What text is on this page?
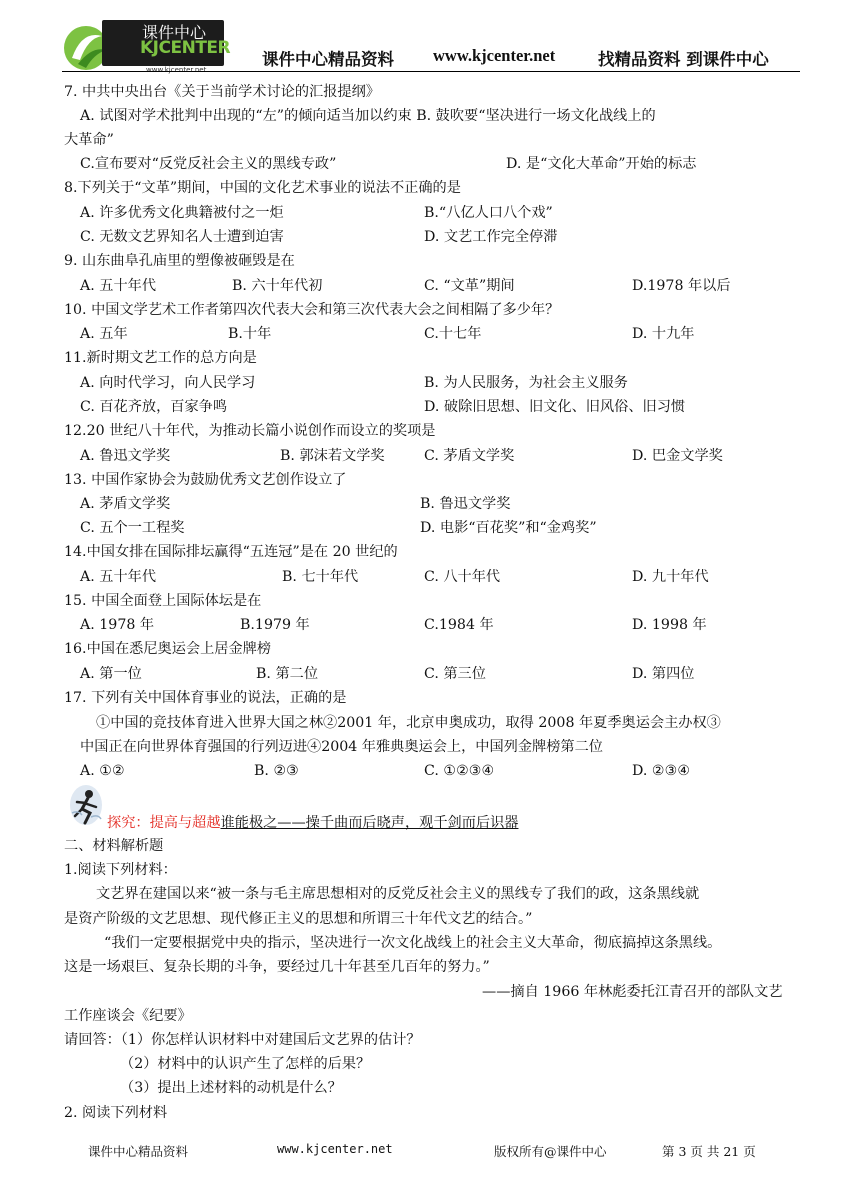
课件中心
KJCENTER
www.kjcenter.net
课件中心精品资料 www.kjcenter.net	找精品资料 到课件中心
7. 中共中央出台《关于当前学术讨论的汇报提纲》
A. 试图对学术批判中出现的“左”的倾向适当加以约束 B. 鼓吹要“坚决进行一场文化战线上的
大革命”
C.宣布要对“反党反社会主义的黑线专政”	D. 是“文化大革命”开始的标志
8.下列关于“文革”期间，中国的文化艺术事业的说法不正确的是
A. 许多优秀文化典籍被付之一炬	B.“八亿人口八个戏”
C. 无数文艺界知名人士遭到迫害	D. 文艺工作完全停滞
9. 山东曲阜孔庙里的塑像被砸毁是在
A. 五十年代	B. 六十年代初	C. “文革”期间	D.1978 年以后
10. 中国文学艺术工作者第四次代表大会和第三次代表大会之间相隔了多少年？
A. 五年	B.十年	C.十七年	D. 十九年
11.新时期文艺工作的总方向是
A. 向时代学习，向人民学习	B. 为人民服务，为社会主义服务
C. 百花齐放，百家争鸣	D. 破除旧思想、旧文化、旧风俗、旧习惯
12.20 世纪八十年代，为推动长篇小说创作而设立的奖项是
A. 鲁迅文学奖	B. 郭沫若文学奖	C. 茅盾文学奖	D. 巴金文学奖
13. 中国作家协会为鼓励优秀文艺创作设立了
A. 茅盾文学奖	B. 鲁迅文学奖
C. 五个一工程奖	D. 电影“百花奖”和“金鸡奖”
14.中国女排在国际排坛赢得“五连冠”是在 20 世纪的
A. 五十年代	B. 七十年代	C. 八十年代	D. 九十年代
15. 中国全面登上国际体坛是在
A. 1978 年	B.1979 年	C.1984 年	D. 1998 年
16.中国在悉尼奥运会上居金牌榜
A. 第一位	B. 第二位	C. 第三位	D. 第四位
17. 下列有关中国体育事业的说法，正确的是
①中国的竞技体育进入世界大国之林②2001 年，北京申奥成功，取得 2008 年夏季奥运会主办权③
中国正在向世界体育强国的行列迈进④2004 年雅典奥运会上，中国列金牌榜第二位
A. ①②	B. ②③	C. ①②③④	D. ②③④
探究：提高与超越谁能极之——操千曲而后晓声，观千剑而后识器
二、材料解析题
1.阅读下列材料：
文艺界在建国以来“被一条与毛主席思想相对的反党反社会主义的黑线专了我们的政，这条黑线就
是资产阶级的文艺思想、现代修正主义的思想和所谓三十年代文艺的结合。”
“我们一定要根据党中央的指示，坚决进行一次文化战线上的社会主义大革命，彻底搞掉这条黑线。
这是一场艰巨、复杂长期的斗争，要经过几十年甚至几百年的努力。”
——摘自 1966 年林彪委托江青召开的部队文艺
工作座谈会《纪要》
请回答：（1）你怎样认识材料中对建国后文艺界的估计？
（2）材料中的认识产生了怎样的后果？
（3）提出上述材料的动机是什么？
2. 阅读下列材料
课件中心精品资料	www.kjcenter.net	版权所有@课件中心	第 3 页 共 21 页
